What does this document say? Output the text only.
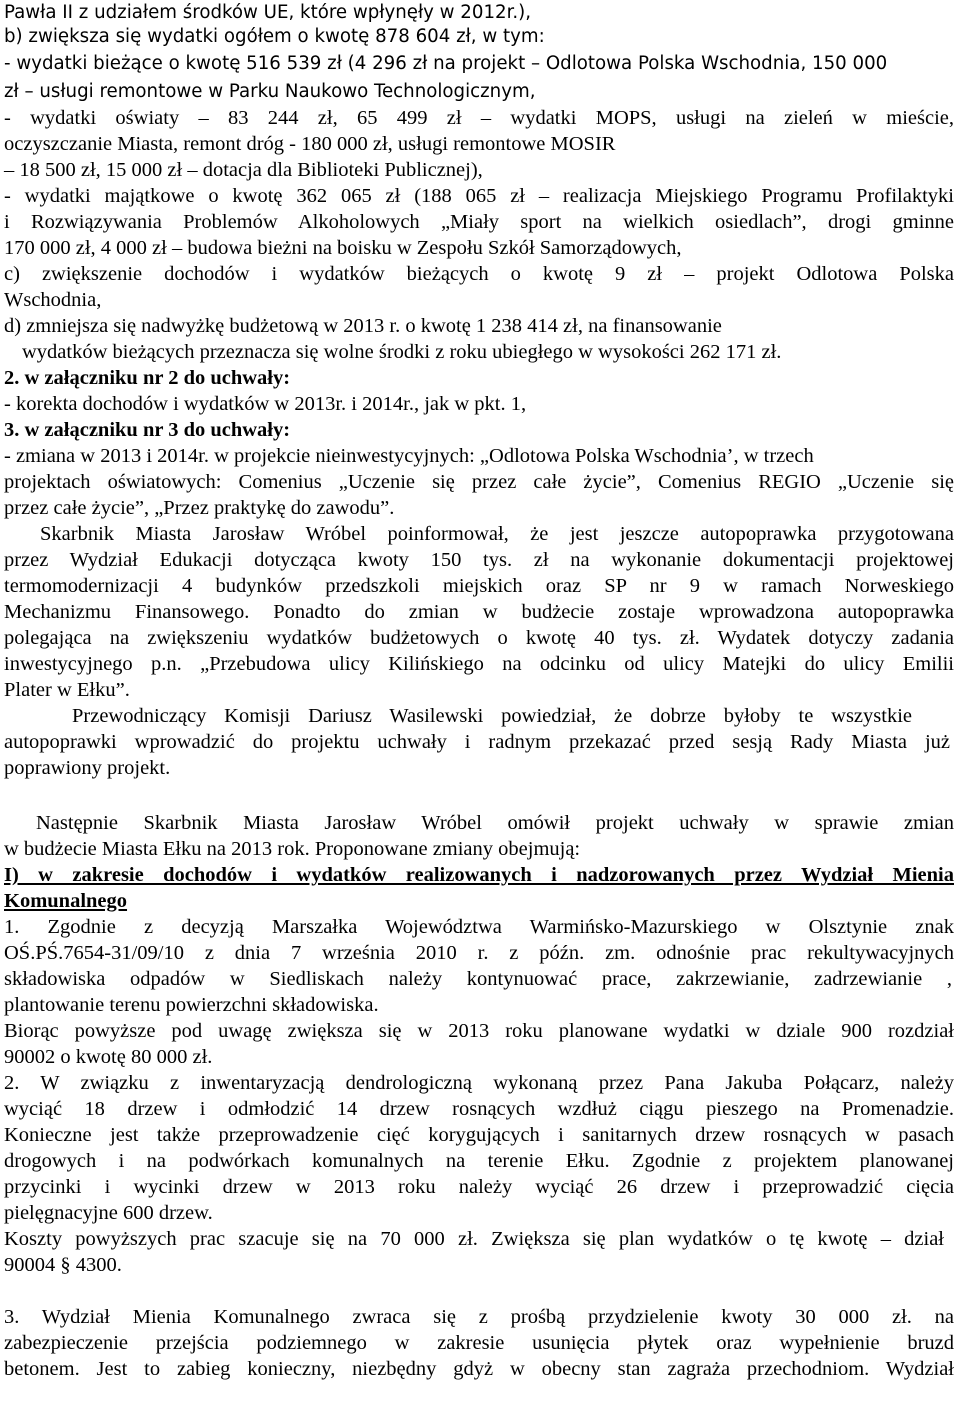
Pawła II z udziałem środków UE, które wpłynęły w 2012r.),
b) zwiększa się wydatki ogółem o kwotę 878 604 zł, w tym:
- wydatki bieżące o kwotę 516 539 zł (4 296 zł na projekt – Odlotowa Polska Wschodnia, 150 000
zł – usługi remontowe w Parku Naukowo Technologicznym,
- wydatki oświaty – 83 244 zł, 65 499 zł – wydatki MOPS, usługi na zieleń w mieście,
oczyszczanie Miasta, remont dróg - 180 000 zł, usługi remontowe MOSIR
– 18 500 zł, 15 000 zł – dotacja dla Biblioteki Publicznej),
- wydatki majątkowe o kwotę 362 065 zł (188 065 zł – realizacja Miejskiego Programu Profilaktyki
i Rozwiązywania Problemów Alkoholowych „Miały sport na wielkich osiedlach”, drogi gminne
170 000 zł, 4 000 zł – budowa bieżni na boisku w Zespołu Szkół Samorządowych,
c) zwiększenie dochodów i wydatków bieżących o kwotę 9 zł – projekt Odlotowa Polska
Wschodnia,
d) zmniejsza się nadwyżkę budżetową w 2013 r. o kwotę 1 238 414 zł, na finansowanie
wydatków bieżących przeznacza się wolne środki z roku ubiegłego w wysokości 262 171 zł.
2. w załączniku nr 2 do uchwały:
- korekta dochodów i wydatków w 2013r. i 2014r., jak w pkt. 1,
3. w załączniku nr 3 do uchwały:
- zmiana w 2013 i 2014r. w projekcie nieinwestycyjnych: „Odlotowa Polska Wschodnia’, w trzech
projektach oświatowych: Comenius „Uczenie się przez całe życie”, Comenius REGIO „Uczenie się
przez całe życie”, „Przez praktykę do zawodu”.
Skarbnik Miasta Jarosław Wróbel poinformował, że jest jeszcze autopoprawka przygotowana
przez Wydział Edukacji dotycząca kwoty 150 tys. zł na wykonanie dokumentacji projektowej
termomodernizacji 4 budynków przedszkoli miejskich oraz SP nr 9 w ramach Norweskiego
Mechanizmu Finansowego. Ponadto do zmian w budżecie zostaje wprowadzona autopoprawka
polegająca na zwiększeniu wydatków budżetowych o kwotę 40 tys. zł. Wydatek dotyczy zadania
inwestycyjnego p.n. „Przebudowa ulicy Kilińskiego na odcinku od ulicy Matejki do ulicy Emilii
Plater w Ełku”.
Przewodniczący Komisji Dariusz Wasilewski powiedział, że dobrze byłoby te wszystkie
autopoprawki wprowadzić do projektu uchwały i radnym przekazać przed sesją Rady Miasta już
poprawiony projekt.
Następnie Skarbnik Miasta Jarosław Wróbel omówił projekt uchwały w sprawie zmian
w budżecie Miasta Ełku na 2013 rok. Proponowane zmiany obejmują:
I) w zakresie dochodów i wydatków realizowanych i nadzorowanych przez Wydział Mienia
Komunalnego
1. Zgodnie z decyzją Marszałka Województwa Warmińsko-Mazurskiego w Olsztynie znak
OŚ.PŚ.7654-31/09/10 z dnia 7 września 2010 r. z późn. zm. odnośnie prac rekultywacyjnych
składowiska odpadów w Siedliskach należy kontynuować prace, zakrzewianie, zadrzewianie ,
plantowanie terenu powierzchni składowiska.
Biorąc powyższe pod uwagę zwiększa się w 2013 roku planowane wydatki w dziale 900 rozdział
90002 o kwotę 80 000 zł.
2. W związku z inwentaryzacją dendrologiczną wykonaną przez Pana Jakuba Połącarz, należy
wyciąć 18 drzew i odmłodzić 14 drzew rosnących wzdłuż ciągu pieszego na Promenadzie.
Konieczne jest także przeprowadzenie cięć korygujących i sanitarnych drzew rosnących w pasach
drogowych i na podwórkach komunalnych na terenie Ełku. Zgodnie z projektem planowanej
przycinki i wycinki drzew w 2013 roku należy wyciąć 26 drzew i przeprowadzić cięcia
pielęgnacyjne 600 drzew.
Koszty powyższych prac szacuje się na 70 000 zł. Zwiększa się plan wydatków o tę kwotę – dział
90004 § 4300.
3. Wydział Mienia Komunalnego zwraca się z prośbą przydzielenie kwoty 30 000 zł. na
zabezpieczenie przejścia podziemnego w zakresie usunięcia płytek oraz wypełnienie bruzd
betonem. Jest to zabieg konieczny, niezbędny gdyż w obecny stan zagraża przechodniom. Wydział
